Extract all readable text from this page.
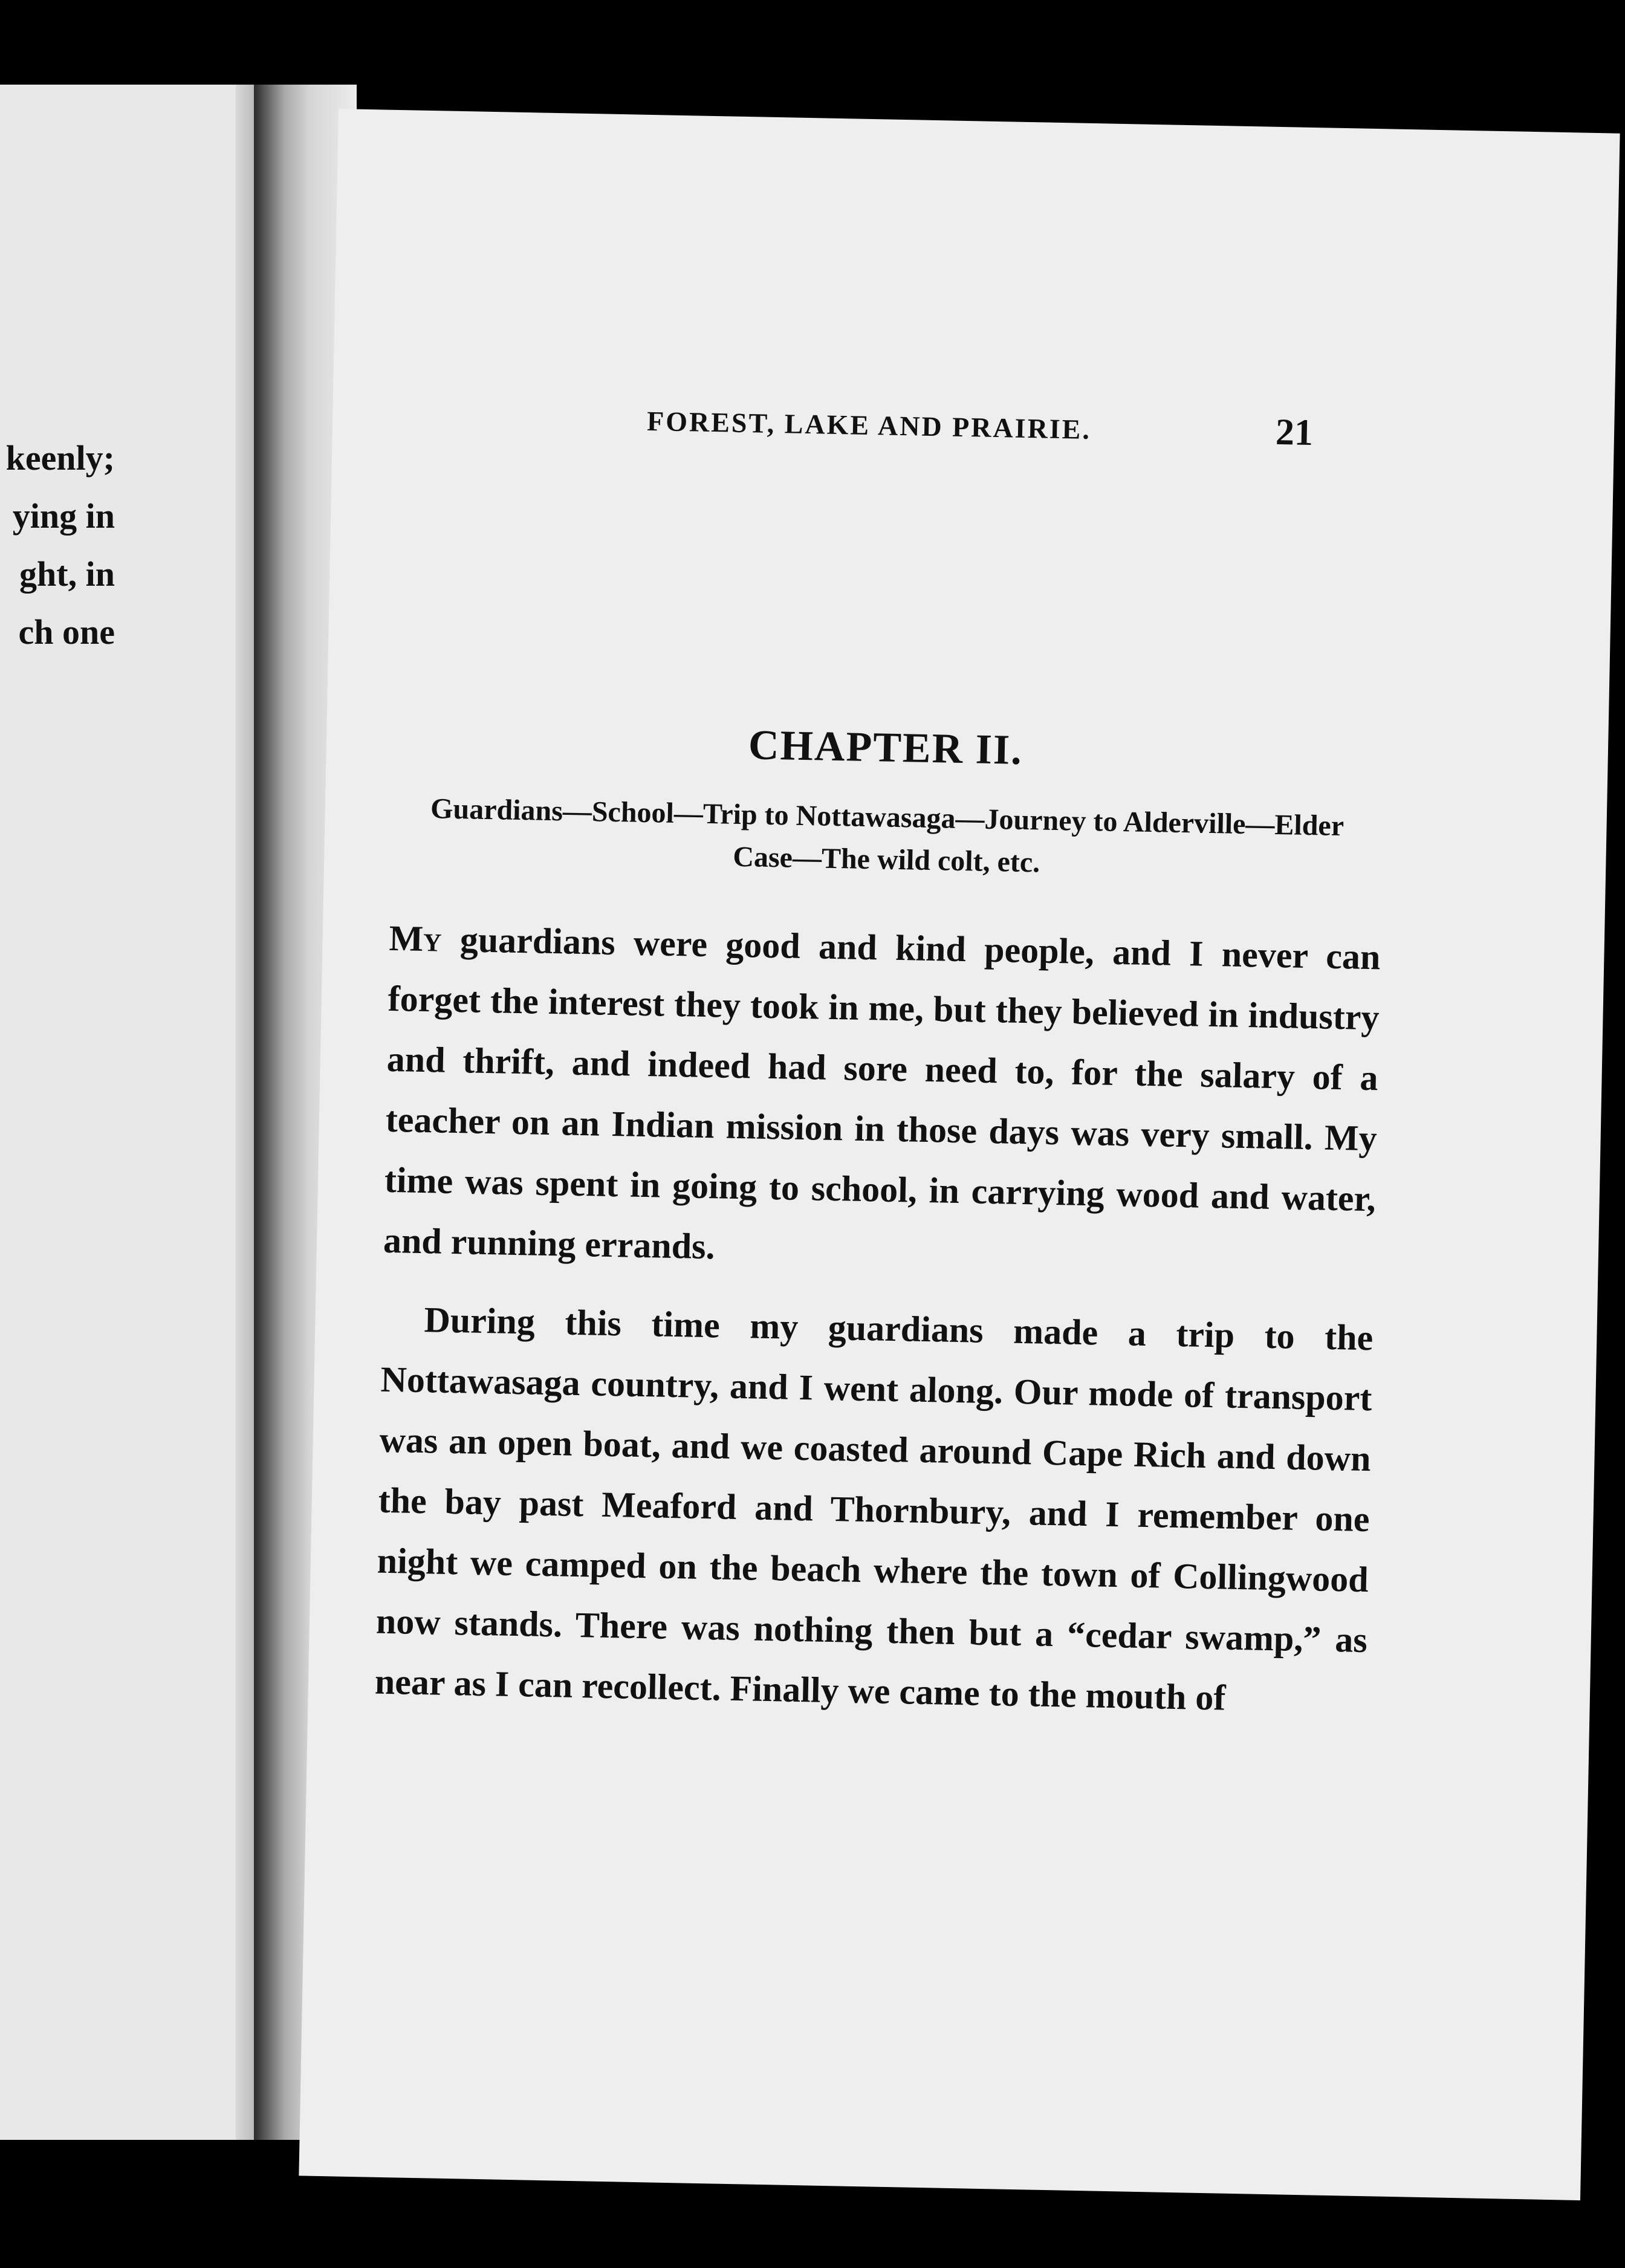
keenly;
ying in
ght, in
ch one
FOREST, LAKE AND PRAIRIE.	21
CHAPTER II.
Guardians—School—Trip to Nottawasaga—Journey to Alderville—Elder Case—The wild colt, etc.

My guardians were good and kind people, and I never can forget the interest they took in me, but they believed in industry and thrift, and indeed had sore need to, for the salary of a teacher on an Indian mission in those days was very small. My time was spent in going to school, in carrying wood and water, and running errands.

During this time my guardians made a trip to the Nottawasaga country, and I went along. Our mode of transport was an open boat, and we coasted around Cape Rich and down the bay past Meaford and Thornbury, and I remember one night we camped on the beach where the town of Collingwood now stands. There was nothing then but a “cedar swamp,” as near as I can recollect. Finally we came to the mouth of
